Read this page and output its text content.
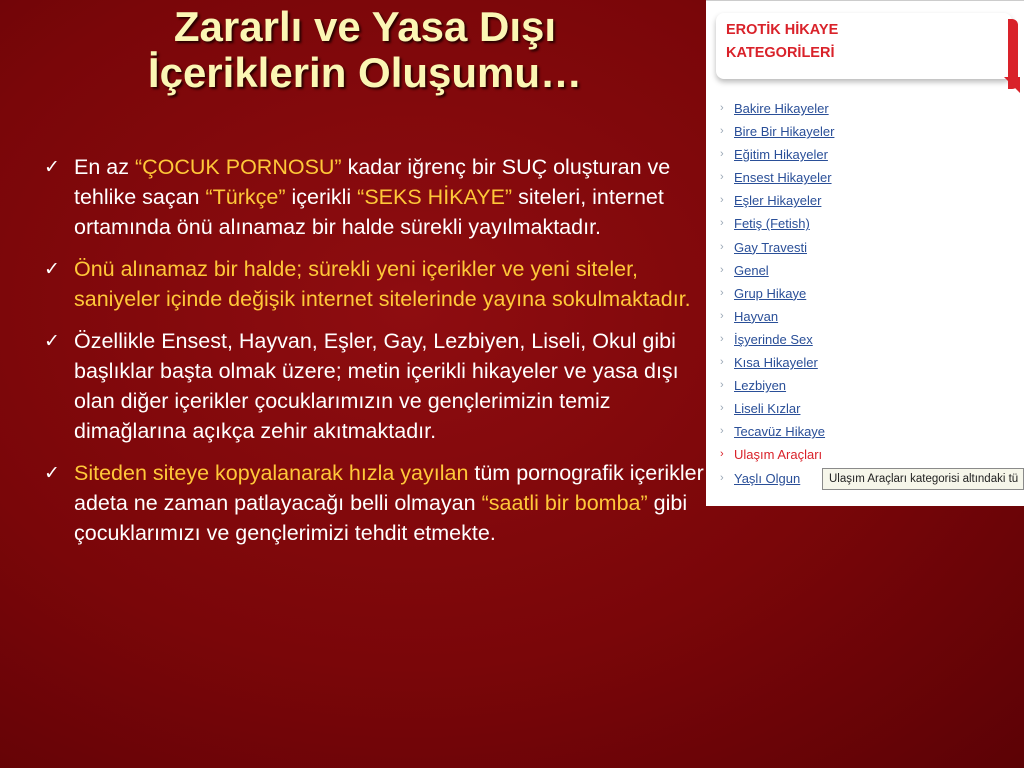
Zararlı ve Yasa Dışı
İçeriklerin Oluşumu…
✓ En az “ÇOCUK PORNOSU” kadar iğrenç bir SUÇ oluşturan ve tehlike saçan “Türkçe” içerikli “SEKS HİKAYE” siteleri, internet ortamında önü alınamaz bir halde sürekli yayılmaktadır.
✓ Önü alınamaz bir halde; sürekli yeni içerikler ve yeni siteler, saniyeler içinde değişik internet sitelerinde yayına sokulmaktadır.
✓ Özellikle Ensest, Hayvan, Eşler, Gay, Lezbiyen, Liseli, Okul gibi başlıklar başta olmak üzere; metin içerikli hikayeler ve yasa dışı olan diğer içerikler çocuklarımızın ve gençlerimizin temiz dimağlarına açıkça zehir akıtmaktadır.
✓ Siteden siteye kopyalanarak hızla yayılan tüm pornografik içerikler adeta ne zaman patlayacağı belli olmayan “saatli bir bomba” gibi çocuklarımızı ve gençlerimizi tehdit etmekte.
EROTİK HİKAYE
KATEGORİLERİ
› Bakire Hikayeler
› Bire Bir Hikayeler
› Eğitim Hikayeler
› Ensest Hikayeler
› Eşler Hikayeler
› Fetiş (Fetish)
› Gay Travesti
› Genel
› Grup Hikaye
› Hayvan
› İşyerinde Sex
› Kısa Hikayeler
› Lezbiyen
› Liseli Kızlar
› Tecavüz Hikaye
› Ulaşım Araçları
› Yaşlı Olgun	Ulaşım Araçları kategorisi altındaki tü
